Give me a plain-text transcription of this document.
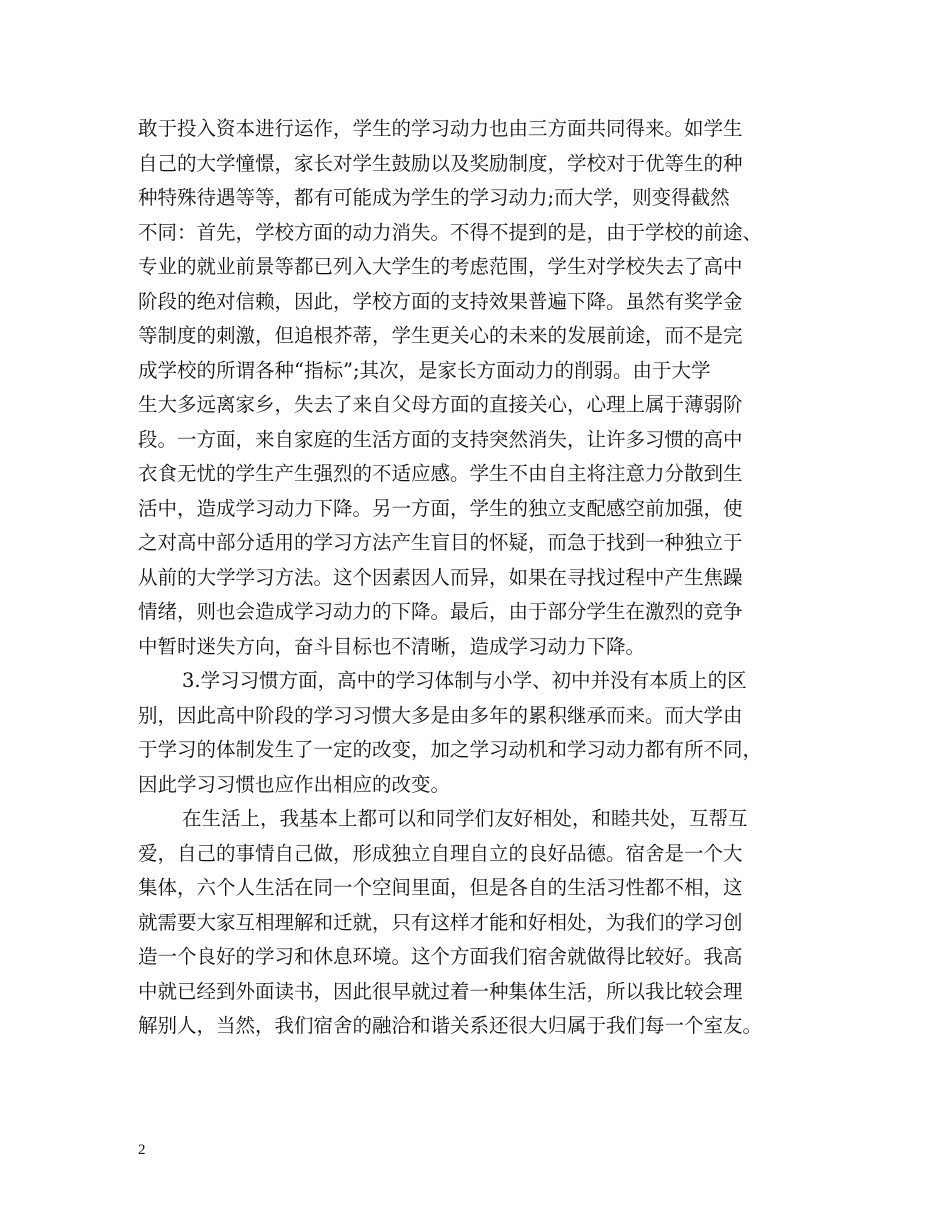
敢于投入资本进行运作，学生的学习动力也由三方面共同得来。如学生
自己的大学憧憬，家长对学生鼓励以及奖励制度，学校对于优等生的种
种特殊待遇等等，都有可能成为学生的学习动力;而大学，则变得截然
不同：首先，学校方面的动力消失。不得不提到的是，由于学校的前途、
专业的就业前景等都已列入大学生的考虑范围，学生对学校失去了高中
阶段的绝对信赖，因此，学校方面的支持效果普遍下降。虽然有奖学金
等制度的刺激，但追根芥蒂，学生更关心的未来的发展前途，而不是完
成学校的所谓各种“指标”;其次，是家长方面动力的削弱。由于大学
生大多远离家乡，失去了来自父母方面的直接关心，心理上属于薄弱阶
段。一方面，来自家庭的生活方面的支持突然消失，让许多习惯的高中
衣食无忧的学生产生强烈的不适应感。学生不由自主将注意力分散到生
活中，造成学习动力下降。另一方面，学生的独立支配感空前加强，使
之对高中部分适用的学习方法产生盲目的怀疑，而急于找到一种独立于
从前的大学学习方法。这个因素因人而异，如果在寻找过程中产生焦躁
情绪，则也会造成学习动力的下降。最后，由于部分学生在激烈的竞争
中暂时迷失方向，奋斗目标也不清晰，造成学习动力下降。
3.学习习惯方面，高中的学习体制与小学、初中并没有本质上的区
别，因此高中阶段的学习习惯大多是由多年的累积继承而来。而大学由
于学习的体制发生了一定的改变，加之学习动机和学习动力都有所不同，
因此学习习惯也应作出相应的改变。
在生活上，我基本上都可以和同学们友好相处，和睦共处，互帮互
爱，自己的事情自己做，形成独立自理自立的良好品德。宿舍是一个大
集体，六个人生活在同一个空间里面，但是各自的生活习性都不相，这
就需要大家互相理解和迁就，只有这样才能和好相处，为我们的学习创
造一个良好的学习和休息环境。这个方面我们宿舍就做得比较好。我高
中就已经到外面读书，因此很早就过着一种集体生活，所以我比较会理
解别人，当然，我们宿舍的融洽和谐关系还很大归属于我们每一个室友。
2
